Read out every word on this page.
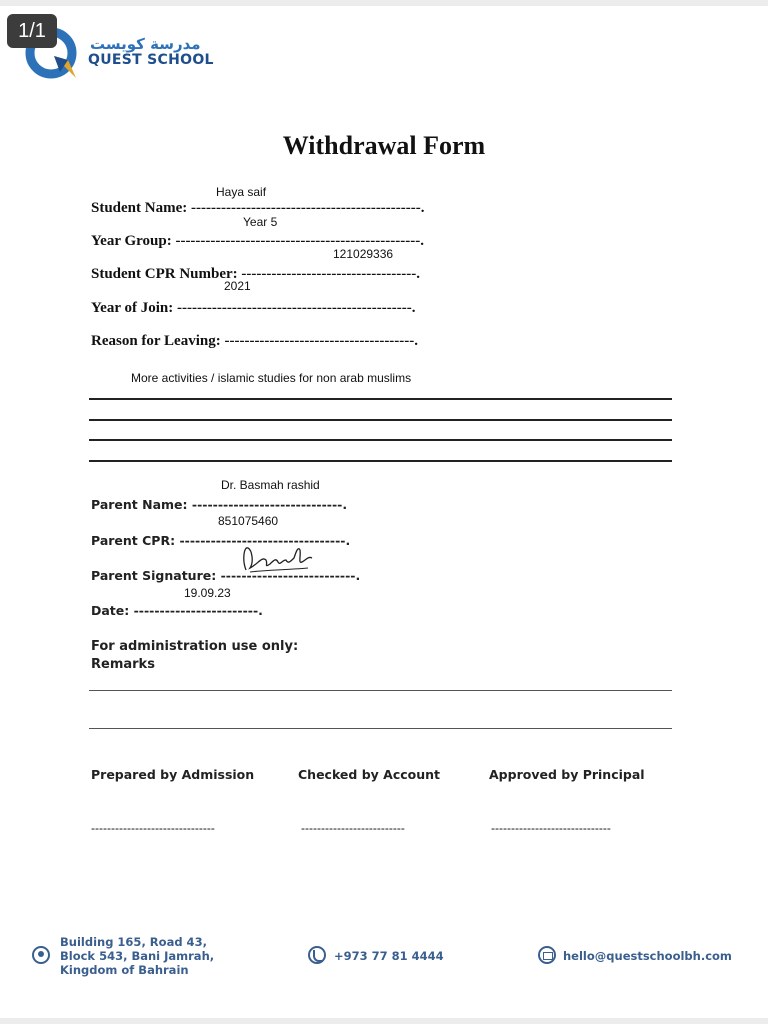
1/1
مدرسة كويست
QUEST SCHOOL
Withdrawal Form
Haya saif
Student Name: ----------------------------------------------.
Year 5
Year Group: -------------------------------------------------.
121029336
Student CPR Number: -----------------------------------.
2021
Year of Join: -----------------------------------------------.
Reason for Leaving: --------------------------------------.
More activities / islamic studies for non arab muslims
Dr. Basmah rashid
Parent Name: -----------------------------.
851075460
Parent CPR: --------------------------------.
Parent Signature: --------------------------.
19.09.23
Date: ------------------------.
For administration use only:
Remarks
Prepared by Admission	Checked by Account	Approved by Principal
-------------------------------	--------------------------	------------------------------
Building 165, Road 43,
Block 543, Bani Jamrah,
Kingdom of Bahrain
+973 77 81 4444	hello@questschoolbh.com
